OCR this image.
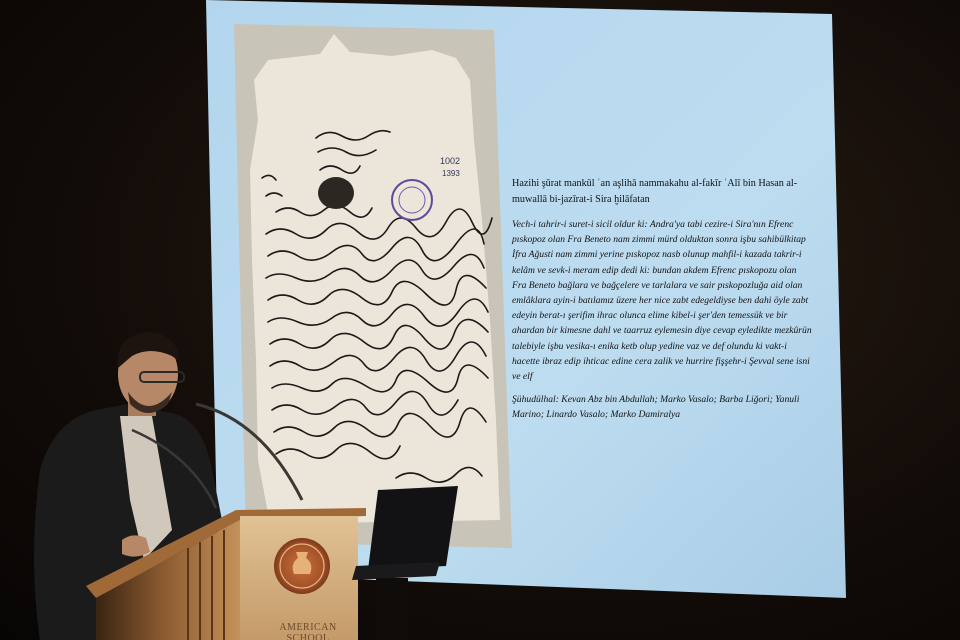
1002
1393

Hazihi şūrat mankūl ʿan aşlihā nammakahu al-fakīr ʿAlī bin Hasan al-muwallā bi-jazīrat-i Sira ḫilāfatan

Vech-i tahrir-i suret-i sicil oldur ki: Andra'ya tabi cezire-i Sira'nın Efrenc pıskopoz olan Fra Beneto nam zimmi mürd olduktan sonra işbu sahibülkitap İfra Ağusti nam zimmi yerine pıskopoz nasb olunup mahfil-i kazada takrir-i kelâm ve sevk-i meram edip dedi ki: bundan akdem Efrenc pıskopozu olan Fra Beneto bağlara ve bağçelere ve tarlalara ve sair pıskopozluğa aid olan emlâklara ayin-i batılamız üzere her nice zabt edegeldiyse ben dahi öyle zabt edeyin berat-ı şerifim ihrac olunca elime kibel-i şer'den temessük ve bir ahardan bir kimesne dahl ve taarruz eylemesin diye cevap eyledikte mezkûrün talebiyle işbu vesika-ı enika ketb olup yedine vaz ve def olundu ki vakt-i hacette ibraz edip ihticac edine cera zalik ve hurrire fişşehr-i Şevval sene isni ve elf

Şühudülhal: Kevan Abz bin Abdullah; Marko Vasalo; Barba Liğori; Yanuli Marino; Linardo Vasalo; Marko Damiralya

AMERICAN SCHOOL
